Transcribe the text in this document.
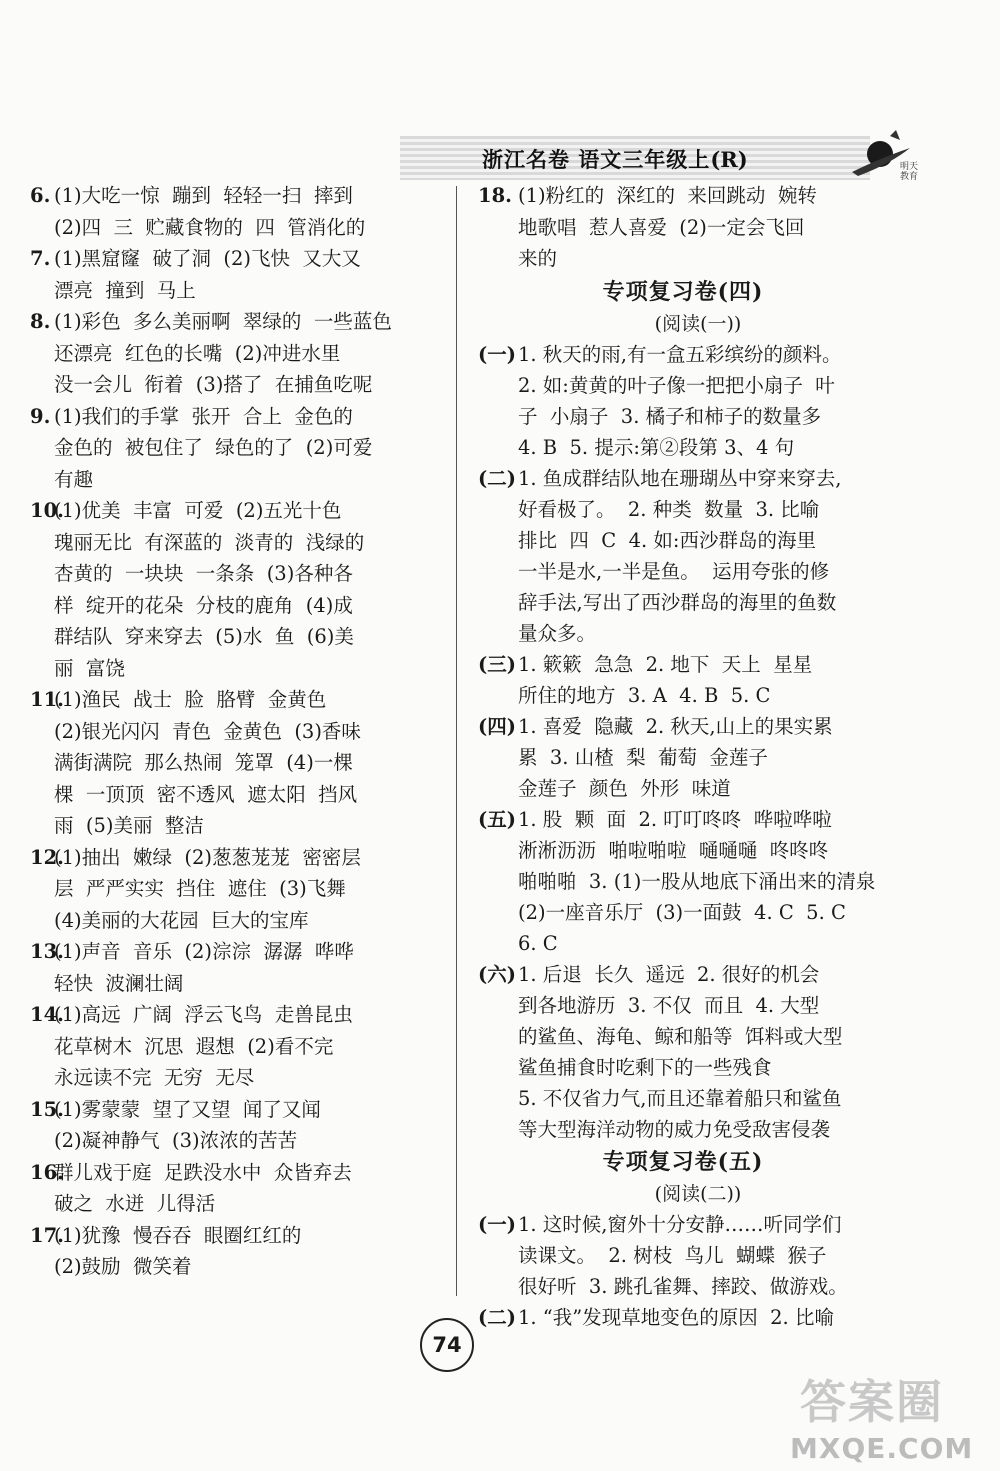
浙江名卷 语文三年级上(R)	明天教育
6. (1)大吃一惊  蹦到  轻轻一扫  摔到
(2)四  三  贮藏食物的  四  管消化的
7. (1)黑窟窿  破了洞  (2)飞快  又大又
漂亮  撞到  马上
8. (1)彩色  多么美丽啊  翠绿的  一些蓝色
还漂亮  红色的长嘴  (2)冲进水里
没一会儿  衔着  (3)搭了  在捕鱼吃呢
9. (1)我们的手掌  张开  合上  金色的
金色的  被包住了  绿色的了  (2)可爱
有趣
10.
(1)优美  丰富  可爱  (2)五光十色
瑰丽无比  有深蓝的  淡青的  浅绿的
杏黄的  一块块  一条条  (3)各种各
样  绽开的花朵  分枝的鹿角  (4)成
群结队  穿来穿去  (5)水  鱼  (6)美
丽  富饶
11.
(1)渔民  战士  脸  胳臂  金黄色
(2)银光闪闪  青色  金黄色  (3)香味
满街满院  那么热闹  笼罩  (4)一棵
棵  一顶顶  密不透风  遮太阳  挡风
雨  (5)美丽  整洁
12.
(1)抽出  嫩绿  (2)葱葱茏茏  密密层
层  严严实实  挡住  遮住  (3)飞舞
(4)美丽的大花园  巨大的宝库
13.
(1)声音  音乐  (2)淙淙  潺潺  哗哗
轻快  波澜壮阔
14.
(1)高远  广阔  浮云飞鸟  走兽昆虫
花草树木  沉思  遐想  (2)看不完
永远读不完  无穷  无尽
15.
(1)雾蒙蒙  望了又望  闻了又闻
(2)凝神静气  (3)浓浓的苦苦
16.
群儿戏于庭  足跌没水中  众皆弃去
破之  水迸  儿得活
17.
(1)犹豫  慢吞吞  眼圈红红的
(2)鼓励  微笑着
18. (1)粉红的  深红的  来回跳动  婉转
地歌唱  惹人喜爱  (2)一定会飞回
来的
专项复习卷(四)
(阅读(一))
(一) 1. 秋天的雨,有一盒五彩缤纷的颜料。
2. 如:黄黄的叶子像一把把小扇子  叶
子  小扇子  3. 橘子和柿子的数量多
4. B  5. 提示:第②段第 3、4 句
(二) 1. 鱼成群结队地在珊瑚丛中穿来穿去,
好看极了。  2. 种类  数量  3. 比喻
排比  四  C  4. 如:西沙群岛的海里
一半是水,一半是鱼。  运用夸张的修
辞手法,写出了西沙群岛的海里的鱼数
量众多。
(三) 1. 簌簌  急急  2. 地下  天上  星星
所住的地方  3. A  4. B  5. C
(四) 1. 喜爱  隐藏  2. 秋天,山上的果实累
累  3. 山楂  梨  葡萄  金莲子
金莲子  颜色  外形  味道
(五) 1. 股  颗  面  2. 叮叮咚咚  哗啦哗啦
淅淅沥沥  啪啦啪啦  嗵嗵嗵  咚咚咚
啪啪啪  3. (1)一股从地底下涌出来的清泉
(2)一座音乐厅  (3)一面鼓  4. C  5. C
6. C
(六) 1. 后退  长久  遥远  2. 很好的机会
到各地游历  3. 不仅  而且  4. 大型
的鲨鱼、海龟、鲸和船等  饵料或大型
鲨鱼捕食时吃剩下的一些残食
5. 不仅省力气,而且还靠着船只和鲨鱼
等大型海洋动物的威力免受敌害侵袭
专项复习卷(五)
(阅读(二))
(一) 1. 这时候,窗外十分安静……听同学们
读课文。  2. 树枝  鸟儿  蝴蝶  猴子
很好听  3. 跳孔雀舞、摔跤、做游戏。
(二) 1. “我”发现草地变色的原因  2. 比喻
74
答案圈
MXQE.COM
